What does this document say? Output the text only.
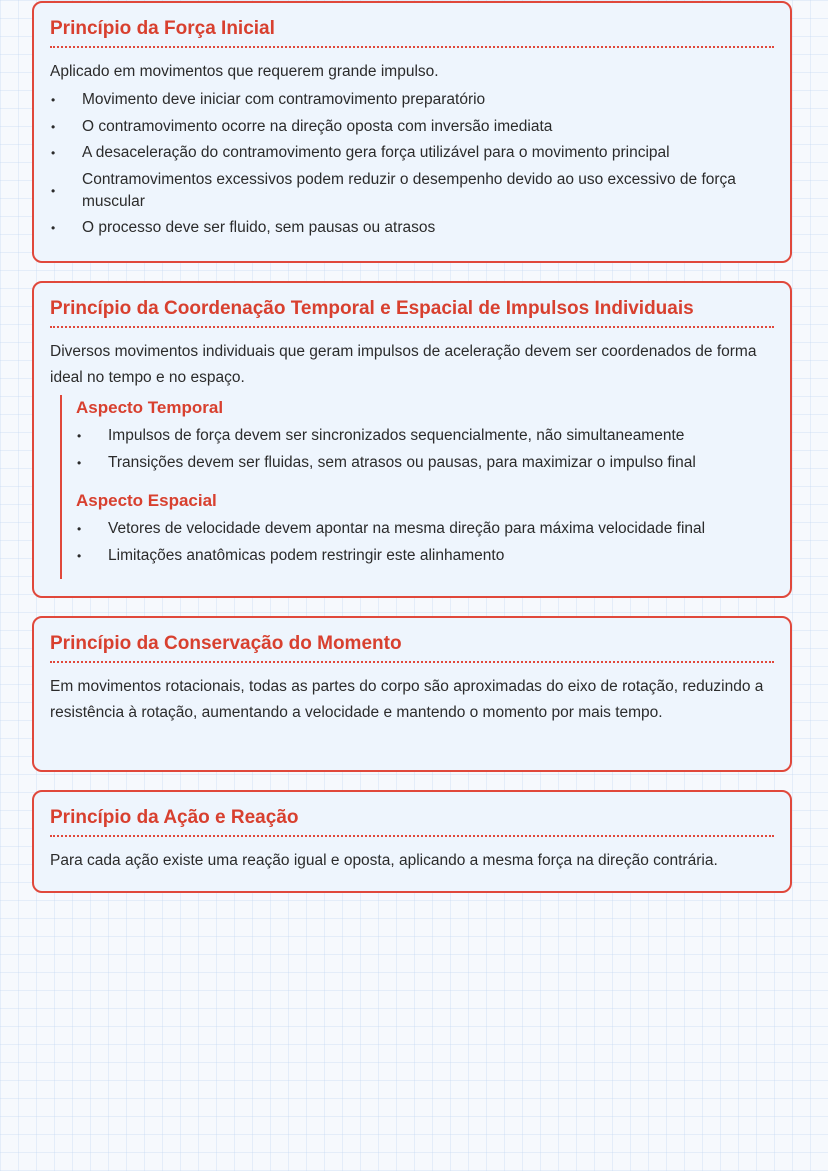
Princípio da Força Inicial

Aplicado em movimentos que requerem grande impulso.

• Movimento deve iniciar com contramovimento preparatório
• O contramovimento ocorre na direção oposta com inversão imediata
• A desaceleração do contramovimento gera força utilizável para o movimento principal
•
Contramovimentos excessivos podem reduzir o desempenho devido ao uso excessivo de força muscular
• O processo deve ser fluido, sem pausas ou atrasos
Princípio da Coordenação Temporal e Espacial de Impulsos Individuais

Diversos movimentos individuais que geram impulsos de aceleração devem ser coordenados de forma ideal no tempo e no espaço.

Aspecto Temporal
• Impulsos de força devem ser sincronizados sequencialmente, não simultaneamente
• Transições devem ser fluidas, sem atrasos ou pausas, para maximizar o impulso final
Aspecto Espacial
• Vetores de velocidade devem apontar na mesma direção para máxima velocidade final
• Limitações anatômicas podem restringir este alinhamento
Princípio da Conservação do Momento

Em movimentos rotacionais, todas as partes do corpo são aproximadas do eixo de rotação, reduzindo a resistência à rotação, aumentando a velocidade e mantendo o momento por mais tempo.

Princípio da Ação e Reação

Para cada ação existe uma reação igual e oposta, aplicando a mesma força na direção contrária.
